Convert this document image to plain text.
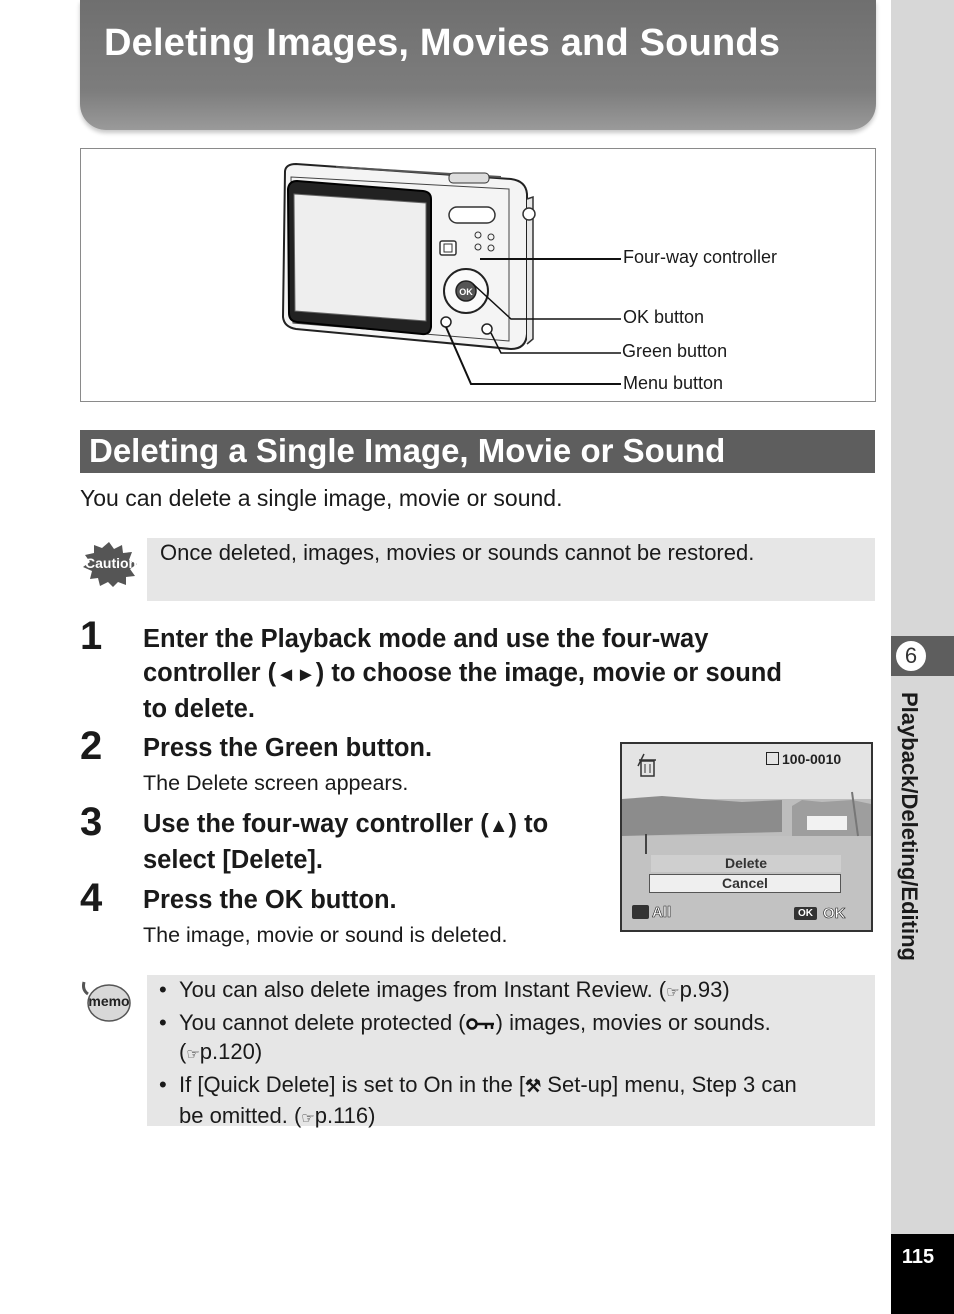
Deleting Images, Movies and Sounds
OK
Four-way controller
OK button
Green button
Menu button
Deleting a Single Image, Movie or Sound
You can delete a single image, movie or sound.
Caution Once deleted, images, movies or sounds cannot be restored.
1 Enter the Playback mode and use the four-way
controller (◄►) to choose the image, movie or sound
to delete.
2 Press the Green button.
The Delete screen appears.
3 Use the four-way controller (▲) to
select [Delete].
4 Press the OK button.
The image, movie or sound is deleted.
100-0010
Delete
Cancel
All	OK OK
memo
•	You can also delete images from Instant Review. (☞p.93)
• You cannot delete protected ( ) images, movies or sounds.
(☞p.120)
• If [Quick Delete] is set to On in the [⚒ Set-up] menu, Step 3 can
be omitted. (☞p.116)
6
Playback/Deleting/Editing
115
